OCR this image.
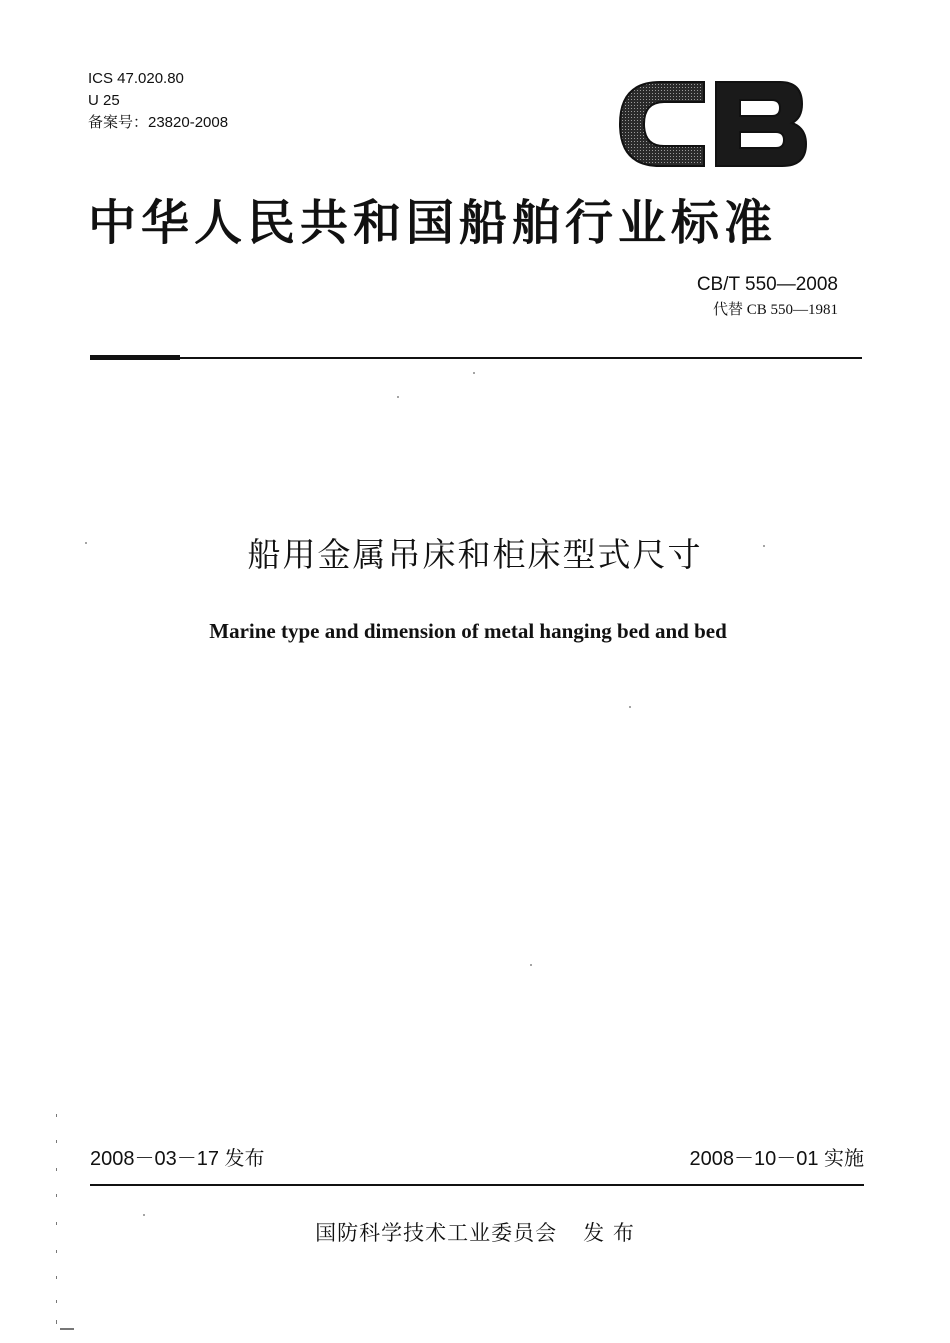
ICS 47.020.80
U 25
备案号：23820-2008
中华人民共和国船舶行业标准
CB/T 550—2008
代替 CB 550—1981
船用金属吊床和柜床型式尺寸
Marine type and dimension of metal hanging bed and bed
2008－03－17 发布	2008－10－01 实施
国防科学技术工业委员会 发 布
